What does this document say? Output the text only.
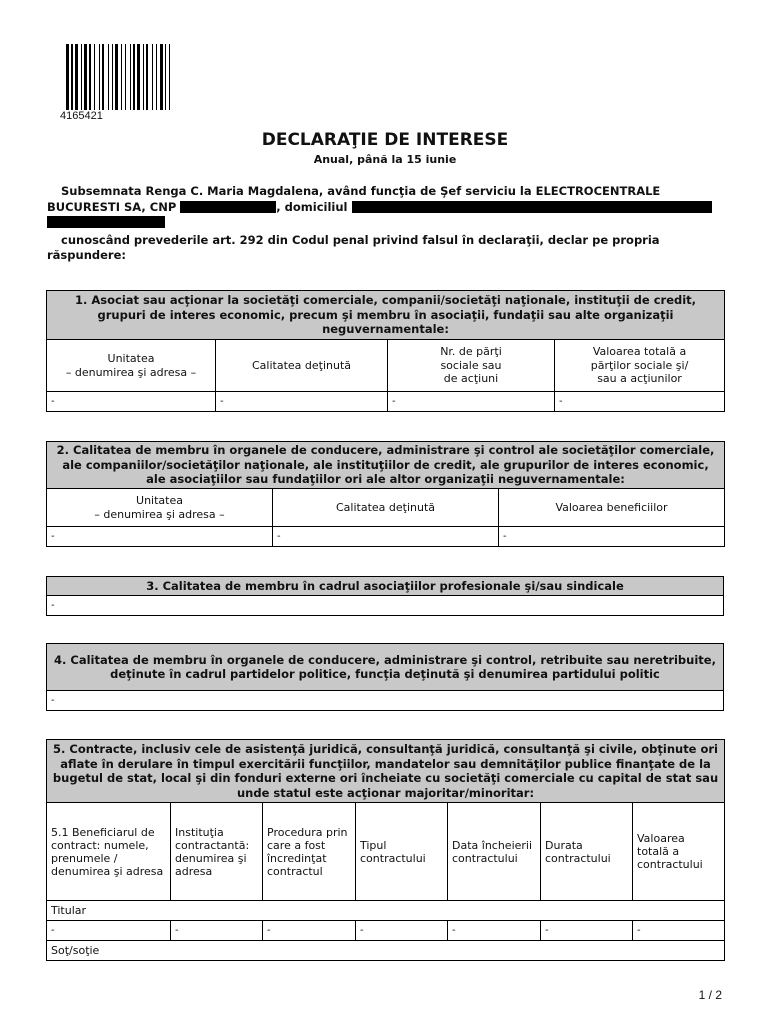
4165421
DECLARAŢIE DE INTERESE
Anual, până la 15 iunie
Subsemnata Renga C. Maria Magdalena, având funcţia de Şef serviciu la ELECTROCENTRALE BUCURESTI SA, CNP	, domiciliul

cunoscând prevederile art. 292 din Codul penal privind falsul în declaraţii, declar pe propria răspundere:
1. Asociat sau acţionar la societăţi comerciale, companii/societăţi naţionale, instituţii de credit, grupuri de interes economic, precum şi membru în asociaţii, fundaţii sau alte organizaţii neguvernamentale:			
Unitatea
– denumirea şi adresa –	Calitatea deţinută	Nr. de părţi
sociale sau
de acţiuni	Valoarea totală a
părţilor sociale şi/
sau a acţiunilor
-	-	-	-
2. Calitatea de membru în organele de conducere, administrare şi control ale societăţilor comerciale, ale companiilor/societăţilor naţionale, ale instituţiilor de credit, ale grupurilor de interes economic, ale asociaţiilor sau fundaţiilor ori ale altor organizaţii neguvernamentale:		
Unitatea
– denumirea şi adresa –	Calitatea deţinută	Valoarea beneficiilor
-	-	-
3. Calitatea de membru în cadrul asociaţiilor profesionale şi/sau sindicale
-
4. Calitatea de membru în organele de conducere, administrare şi control, retribuite sau neretribuite, deţinute în cadrul partidelor politice, funcţia deţinută şi denumirea partidului politic
-
5. Contracte, inclusiv cele de asistenţă juridică, consultanţă juridică, consultanţă şi civile, obţinute ori aflate în derulare în timpul exercitării funcţiilor, mandatelor sau demnităţilor publice finanţate de la bugetul de stat, local şi din fonduri externe ori încheiate cu societăţi comerciale cu capital de stat sau unde statul este acţionar majoritar/minoritar:						
5.1 Beneficiarul de contract: numele, prenumele / denumirea şi adresa	Instituţia contractantă: denumirea şi adresa	Procedura prin care a fost încredinţat contractul	Tipul contractului	Data încheierii contractului	Durata contractului	Valoarea totală a contractului
Titular						
-	-	-	-	-	-	-
Soţ/soţie						
1 / 2
